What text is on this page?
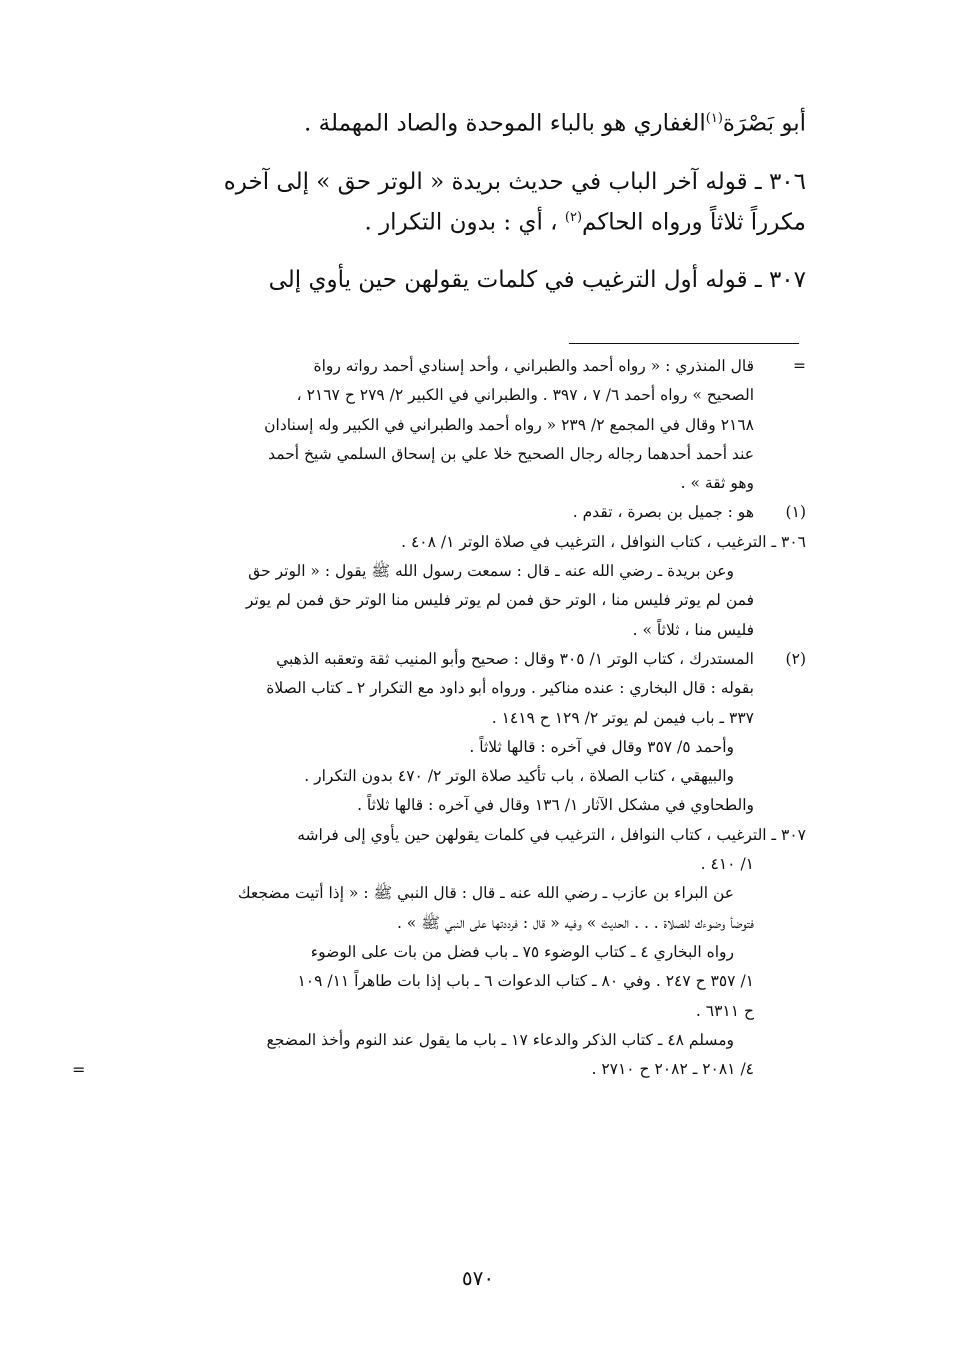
أبو بَصْرَة$^{(١)}$الغفاري هو بالباء الموحدة والصاد المهملة .
٣٠٦ ـ قوله آخر الباب في حديث بريدة « الوتر حق » إلى آخره
مكرراً ثلاثاً ورواه الحاكم$^{(٢)}$ ، أي : بدون التكرار .
٣٠٧ ـ قوله أول الترغيب في كلمات يقولهن حين يأوي إلى
=
قال المنذري : « رواه أحمد والطبراني ، وأحد إسنادي أحمد رواته رواة
الصحيح » رواه أحمد ٦/ ٧ ، ٣٩٧ . والطبراني في الكبير ٢/ ٢٧٩ ح ٢١٦٧ ،
٢١٦٨ وقال في المجمع ٢/ ٢٣٩ « رواه أحمد والطبراني في الكبير وله إسنادان
عند أحمد أحدهما رجاله رجال الصحيح خلا علي بن إسحاق السلمي شيخ أحمد
وهو ثقة » .
(١)
هو : جميل بن بصرة ، تقدم .
٣٠٦ ـ الترغيب ، كتاب النوافل ، الترغيب في صلاة الوتر ١/ ٤٠٨ .
وعن بريدة ـ رضي الله عنه ـ قال : سمعت رسول الله ﷺ يقول : « الوتر حق
فمن لم يوتر فليس منا ، الوتر حق فمن لم يوتر فليس منا الوتر حق فمن لم يوتر
فليس منا ، ثلاثاً » .
(٢)
المستدرك ، كتاب الوتر ١/ ٣٠٥ وقال : صحيح وأبو المنيب ثقة وتعقبه الذهبي
بقوله : قال البخاري : عنده مناكير . ورواه أبو داود مع التكرار ٢ ـ كتاب الصلاة
٣٣٧ ـ باب فيمن لم يوتر ٢/ ١٢٩ ح ١٤١٩ .
وأحمد ٥/ ٣٥٧ وقال في آخره : قالها ثلاثاً .
والبيهقي ، كتاب الصلاة ، باب تأكيد صلاة الوتر ٢/ ٤٧٠ بدون التكرار .
والطحاوي في مشكل الآثار ١/ ١٣٦ وقال في آخره : قالها ثلاثاً .
٣٠٧ ـ الترغيب ، كتاب النوافل ، الترغيب في كلمات يقولهن حين يأوي إلى فراشه
١/ ٤١٠ .
عن البراء بن عازب ـ رضي الله عنه ـ قال : قال النبي ﷺ : « إذا أتيت مضجعك
فتوضأ وضوءك للصلاة . . . الحديث » وفيه « قال : فرددتها على النبي ﷺ » .
رواه البخاري ٤ ـ كتاب الوضوء ٧٥ ـ باب فضل من بات على الوضوء
١/ ٣٥٧ ح ٢٤٧ . وفي ٨٠ ـ كتاب الدعوات ٦ ـ باب إذا بات طاهراً ١١/ ١٠٩
ح ٦٣١١ .
ومسلم ٤٨ ـ كتاب الذكر والدعاء ١٧ ـ باب ما يقول عند النوم وأخذ المضجع
٤/ ٢٠٨١ ـ ٢٠٨٢ ح ٢٧١٠ .
=
٥٧٠
